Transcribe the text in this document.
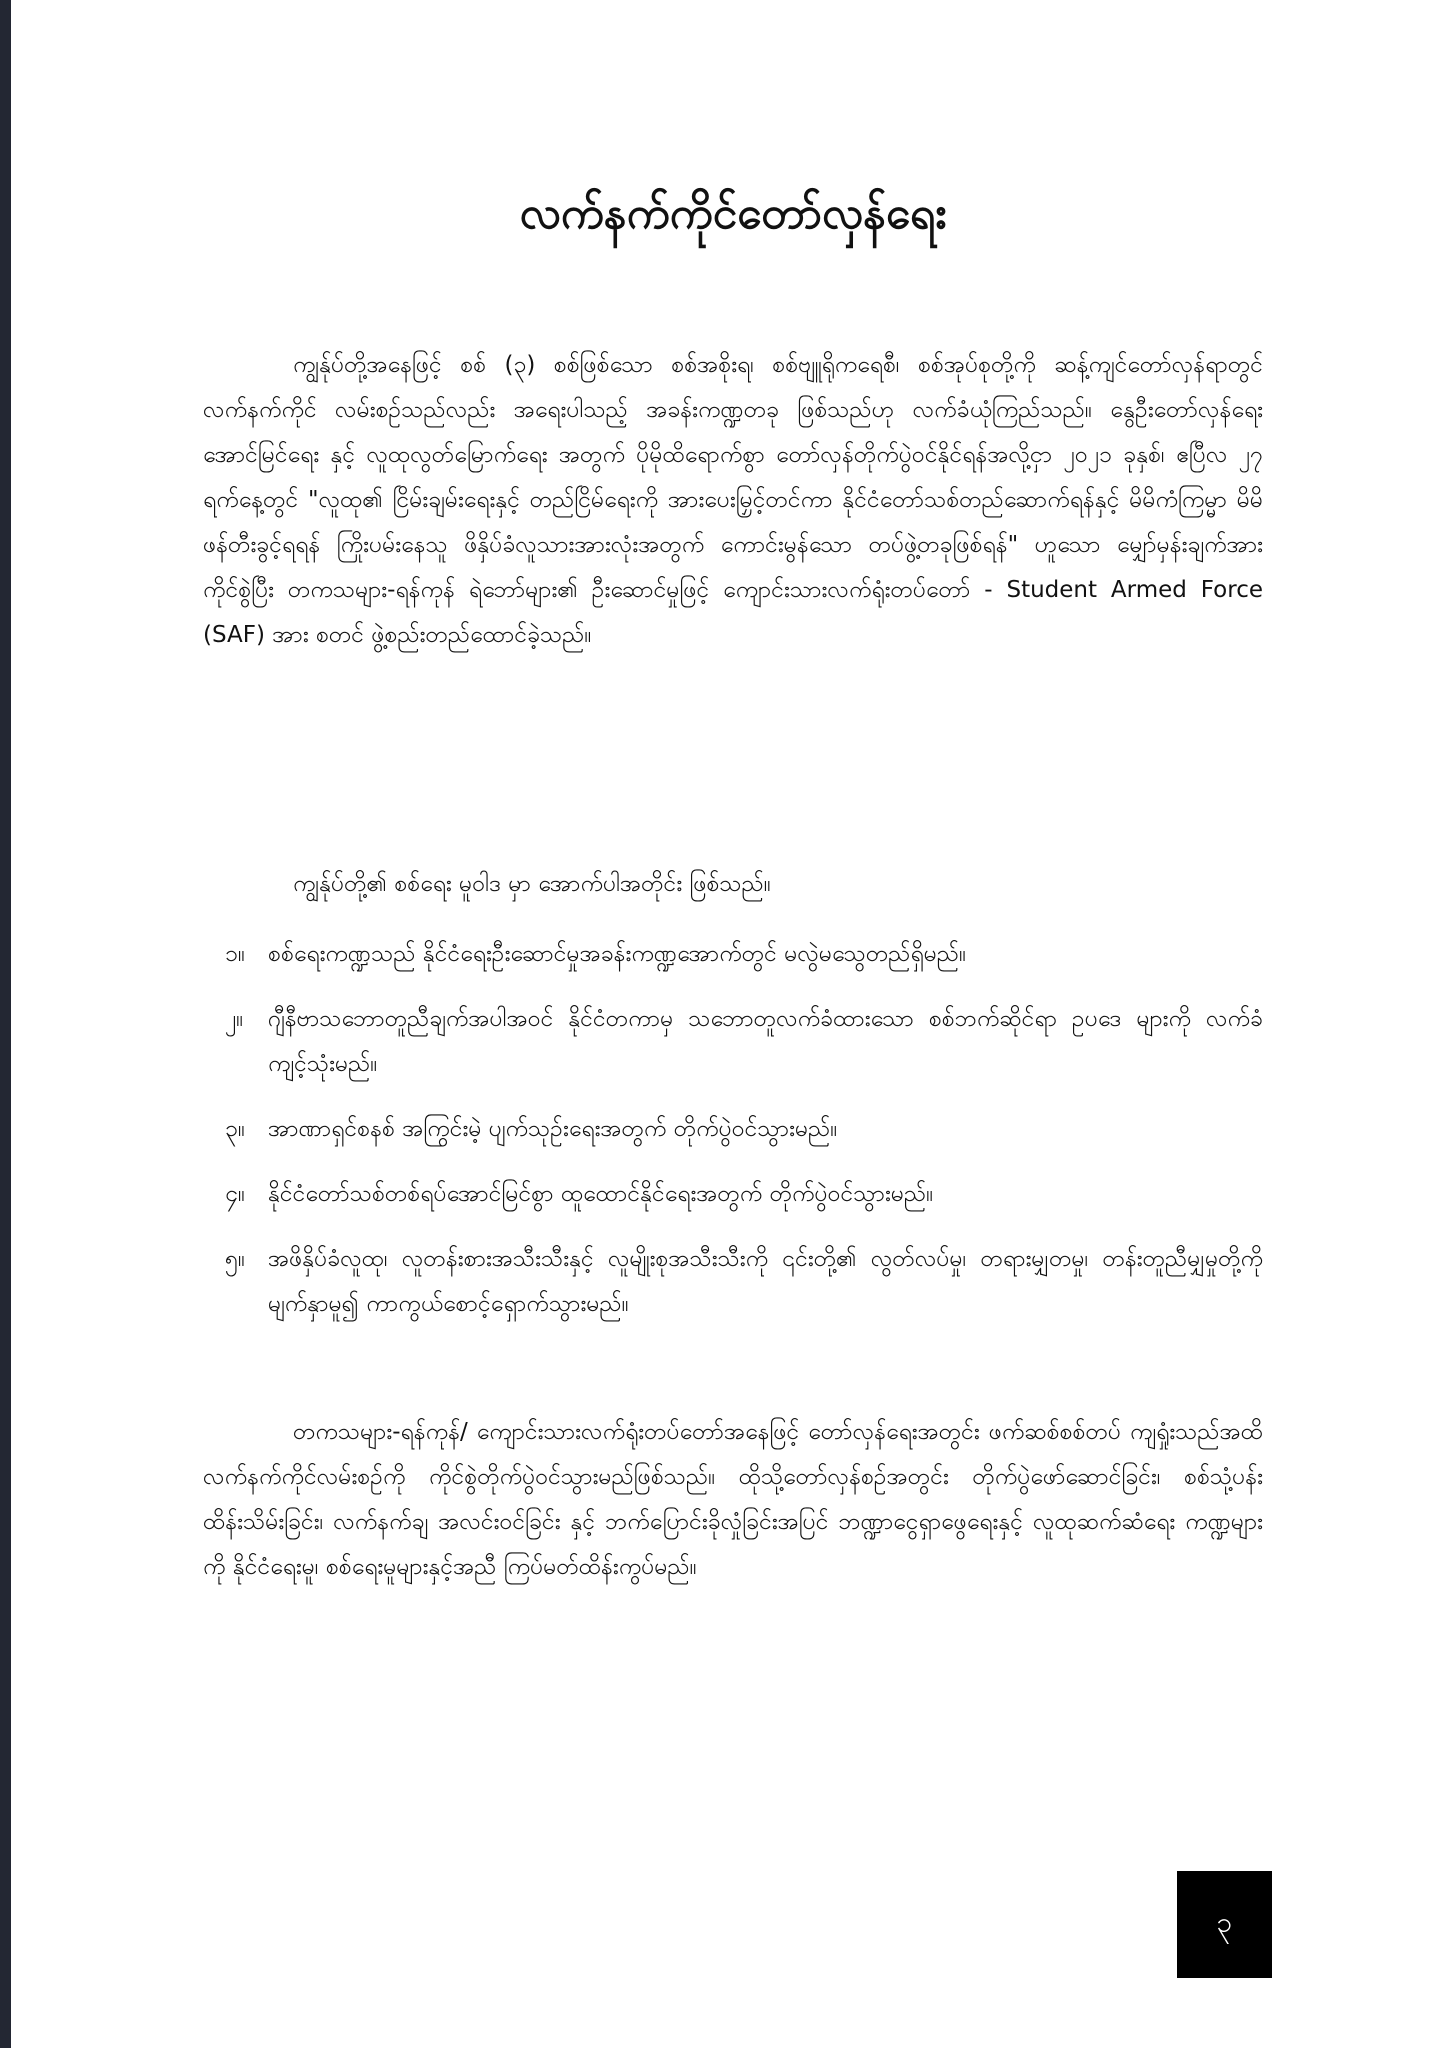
လက်နက်ကိုင်တော်လှန်ရေး
ကျွန်ုပ်တို့အနေဖြင့် စစ် (၃) စစ်ဖြစ်သော စစ်အစိုးရ၊ စစ်ဗျူရိုကရေစီ၊ စစ်အုပ်စုတို့ကို ဆန့်ကျင်တော်လှန်ရာတွင် လက်နက်ကိုင် လမ်းစဉ်သည်လည်း အရေးပါသည့် အခန်းကဏ္ဍတခု ဖြစ်သည်ဟု လက်ခံယုံကြည်သည်။ နွေဦးတော်လှန်ရေး အောင်မြင်ရေး နှင့် လူထုလွတ်မြောက်ရေး အတွက် ပိုမိုထိရောက်စွာ တော်လှန်တိုက်ပွဲဝင်နိုင်ရန်အလို့ငှာ ၂၀၂၁ ခုနှစ်၊ ဧပြီလ ၂၇ ရက်နေ့တွင် "လူထု၏ ငြိမ်းချမ်းရေးနှင့် တည်ငြိမ်ရေးကို အားပေးမြှင့်တင်ကာ နိုင်ငံတော်သစ်တည်ဆောက်ရန်နှင့် မိမိကံကြမ္မာ မိမိဖန်တီးခွင့်ရရန် ကြိုးပမ်းနေသူ ဖိနှိပ်ခံလူသားအားလုံးအတွက် ကောင်းမွန်သော တပ်ဖွဲ့တခုဖြစ်ရန်" ဟူသော မျှော်မှန်းချက်အား ကိုင်စွဲပြီး တကသများ-ရန်ကုန် ရဲဘော်များ၏ ဦးဆောင်မှုဖြင့် ကျောင်းသားလက်ရုံးတပ်တော် - Student Armed Force (SAF) အား စတင် ဖွဲ့စည်းတည်ထောင်ခဲ့သည်။
ကျွန်ုပ်တို့၏ စစ်ရေး မူဝါဒ မှာ အောက်ပါအတိုင်း ဖြစ်သည်။
၁။ စစ်ရေးကဏ္ဍသည် နိုင်ငံရေးဦးဆောင်မှုအခန်းကဏ္ဍအောက်တွင် မလွဲမသွေတည်ရှိမည်။
၂။ ဂျီနီဗာသဘောတူညီချက်အပါအဝင် နိုင်ငံတကာမှ သဘောတူလက်ခံထားသော စစ်ဘက်ဆိုင်ရာ ဥပဒေ များကို လက်ခံကျင့်သုံးမည်။
၃။ အာဏာရှင်စနစ် အကြွင်းမဲ့ ပျက်သုဉ်းရေးအတွက် တိုက်ပွဲဝင်သွားမည်။
၄။ နိုင်ငံတော်သစ်တစ်ရပ်အောင်မြင်စွာ ထူထောင်နိုင်ရေးအတွက် တိုက်ပွဲဝင်သွားမည်။
၅။ အဖိနှိပ်ခံလူထု၊ လူတန်းစားအသီးသီးနှင့် လူမျိုးစုအသီးသီးကို ၎င်းတို့၏ လွတ်လပ်မှု၊ တရားမျှတမှု၊ တန်းတူညီမျှမှုတို့ကို မျက်နှာမူ၍ ကာကွယ်စောင့်ရှောက်သွားမည်။
တကသများ-ရန်ကုန်/ ကျောင်းသားလက်ရုံးတပ်တော်အနေဖြင့် တော်လှန်ရေးအတွင်း ဖက်ဆစ်စစ်တပ် ကျရှုံးသည်အထိ လက်နက်ကိုင်လမ်းစဉ်ကို ကိုင်စွဲတိုက်ပွဲဝင်သွားမည်ဖြစ်သည်။ ထိုသို့တော်လှန်စဉ်အတွင်း တိုက်ပွဲဖော်ဆောင်ခြင်း၊ စစ်သုံ့ပန်းထိန်းသိမ်းခြင်း၊ လက်နက်ချ အလင်းဝင်ခြင်း နှင့် ဘက်ပြောင်းခိုလှုံခြင်းအပြင် ဘဏ္ဍာငွေရှာဖွေရေးနှင့် လူထုဆက်ဆံရေး ကဏ္ဍများကို နိုင်ငံရေးမူ၊ စစ်ရေးမူများနှင့်အညီ ကြပ်မတ်ထိန်းကွပ်မည်။
၃
